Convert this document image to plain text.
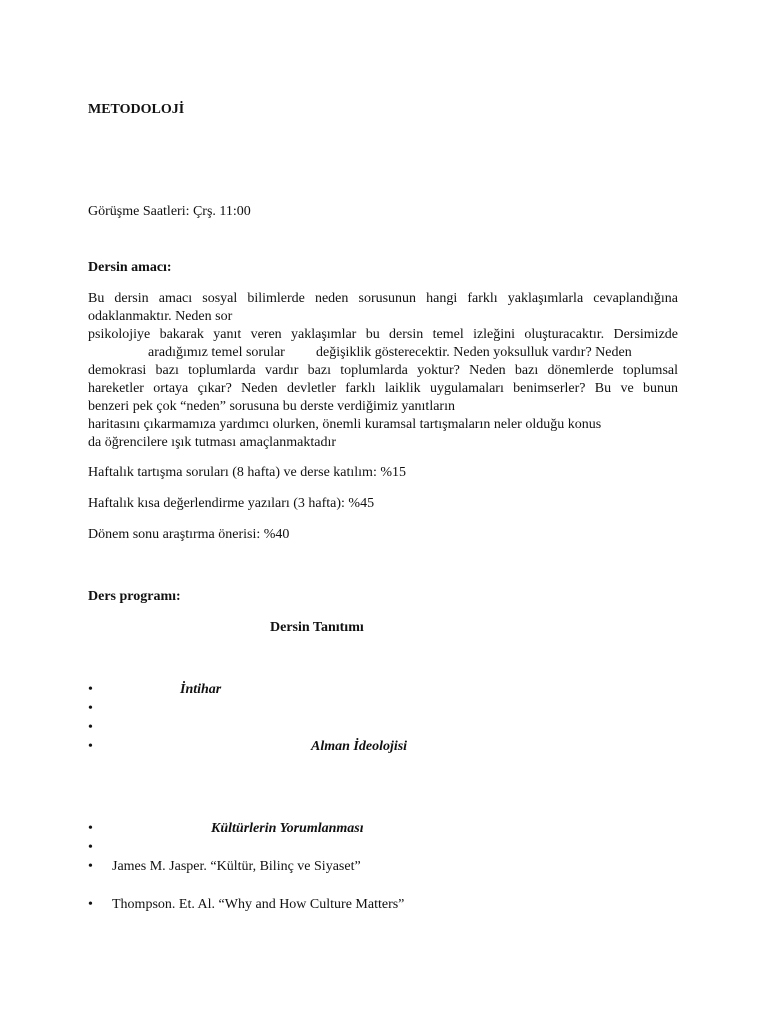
METODOLOJİ
Görüşme Saatleri: Çrş. 11:00
Dersin amacı:
Bu dersin amacı sosyal bilimlerde neden sorusunun hangi farklı yaklaşımlarla cevaplandığına
odaklanmaktır. Neden sor
psikolojiye bakarak yanıt veren yaklaşımlar bu dersin temel izleğini oluşturacaktır. Dersimizde
aradığımız temel sorular değişiklik gösterecektir. Neden yoksulluk vardır? Neden
demokrasi bazı toplumlarda vardır bazı toplumlarda yoktur? Neden bazı dönemlerde toplumsal
hareketler ortaya çıkar? Neden devletler farklı laiklik uygulamaları benimserler? Bu ve bunun
benzeri pek çok “neden” sorusuna bu derste verdiğimiz yanıtların
haritasını çıkarmamıza yardımcı olurken, önemli kuramsal tartışmaların neler olduğu konus
da öğrencilere ışık tutması amaçlanmaktadır
Haftalık tartışma soruları (8 hafta) ve derse katılım: %15
Haftalık kısa değerlendirme yazıları (3 hafta): %45
Dönem sonu araştırma önerisi: %40
Ders programı:
Dersin Tanıtımı
•	İntihar
•
•
•	Alman İdeolojisi
•	Kültürlerin Yorumlanması
•
• James M. Jasper. “Kültür, Bilinç ve Siyaset”
• Thompson. Et. Al. “Why and How Culture Matters”
